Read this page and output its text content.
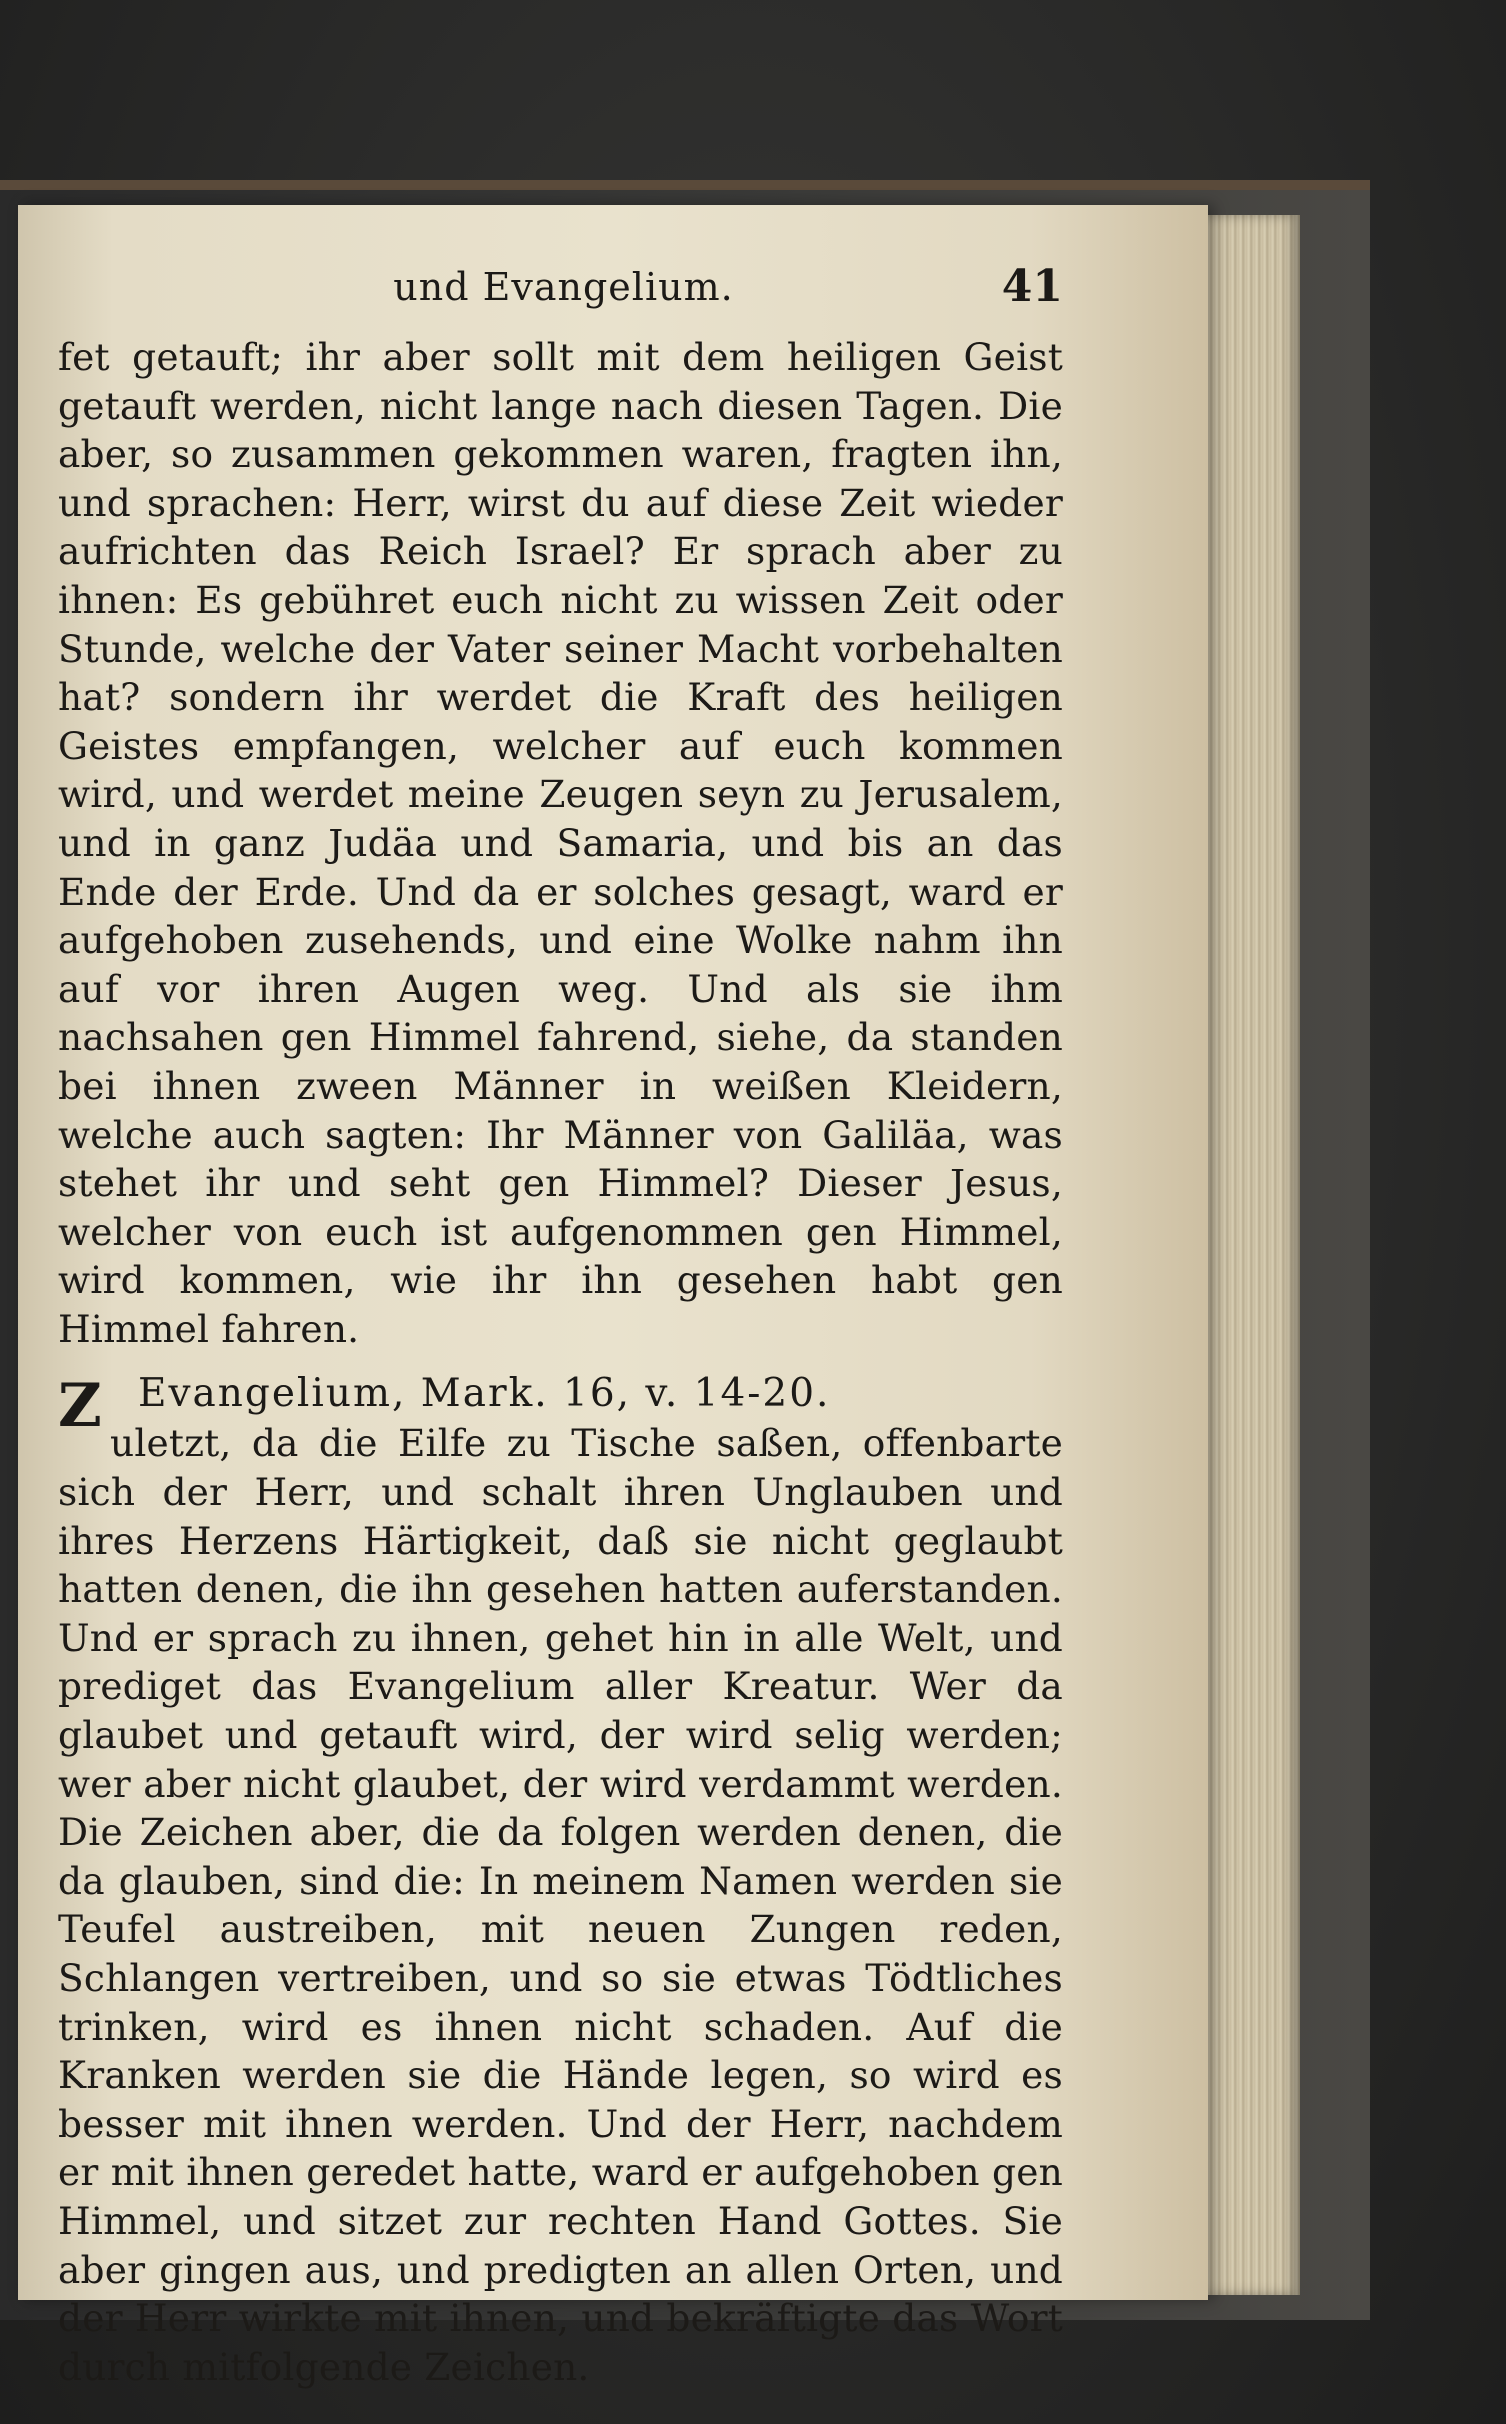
und Evangelium.	41
fet getauft; ihr aber sollt mit dem heiligen Geist getauft werden, nicht lange nach diesen Tagen. Die aber, so zusammen gekommen waren, fragten ihn, und sprachen: Herr, wirst du auf diese Zeit wieder aufrichten das Reich Israel? Er sprach aber zu ihnen: Es gebühret euch nicht zu wissen Zeit oder Stunde, welche der Vater seiner Macht vorbehalten hat? sondern ihr werdet die Kraft des heiligen Geistes empfangen, welcher auf euch kommen wird, und werdet meine Zeugen seyn zu Jerusalem, und in ganz Judäa und Samaria, und bis an das Ende der Erde. Und da er solches gesagt, ward er aufgehoben zusehends, und eine Wolke nahm ihn auf vor ihren Augen weg. Und als sie ihm nachsahen gen Himmel fahrend, siehe, da standen bei ihnen zween Männer in weißen Kleidern, welche auch sagten: Ihr Männer von Galiläa, was stehet ihr und seht gen Himmel? Dieser Jesus, welcher von euch ist aufgenommen gen Himmel, wird kommen, wie ihr ihn gesehen habt gen Himmel fahren.
Evangelium, Mark. 16, v. 14-20.
Z
uletzt, da die Eilfe zu Tische saßen, offenbarte sich der Herr, und schalt ihren Unglauben und ihres Herzens Härtigkeit, daß sie nicht geglaubt hatten denen, die ihn gesehen hatten auferstanden. Und er sprach zu ihnen, gehet hin in alle Welt, und prediget das Evangelium aller Kreatur. Wer da glaubet und getauft wird, der wird selig werden; wer aber nicht glaubet, der wird verdammt werden. Die Zeichen aber, die da folgen werden denen, die da glauben, sind die: In meinem Namen werden sie Teufel austreiben, mit neuen Zungen reden, Schlangen vertreiben, und so sie etwas Tödtliches trinken, wird es ihnen nicht schaden. Auf die Kranken werden sie die Hände legen, so wird es besser mit ihnen werden. Und der Herr, nachdem er mit ihnen geredet hatte, ward er aufgehoben gen Himmel, und sitzet zur rechten Hand Gottes. Sie aber gingen aus, und predigten an allen Orten, und der Herr wirkte mit ihnen, und bekräftigte das Wort durch mitfolgende Zeichen.
